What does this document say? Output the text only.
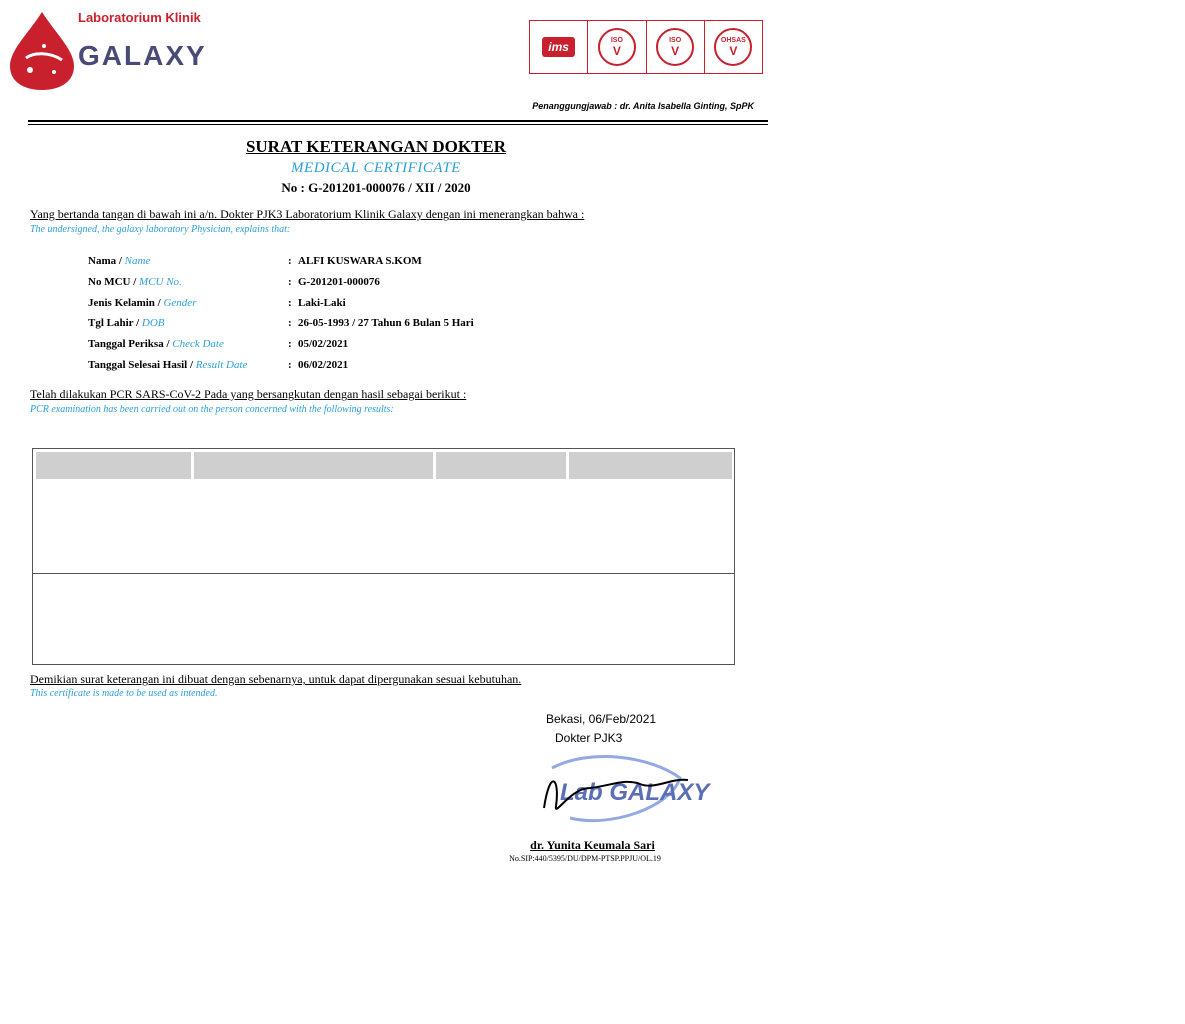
Laboratorium Klinik
GALAXY	ims	ISO
V
ISO
V
OHSAS
V
Penanggungjawab : dr. Anita Isabella Ginting, SpPK
SURAT KETERANGAN DOKTER
MEDICAL CERTIFICATE
No : G-201201-000076 / XII / 2020
Yang bertanda tangan di bawah ini a/n. Dokter PJK3 Laboratorium Klinik Galaxy dengan ini menerangkan bahwa :
The undersigned, the galaxy laboratory Physician, explains that:
Nama / Name	: ALFI KUSWARA S.KOM
No MCU / MCU No.	: G-201201-000076
Jenis Kelamin / Gender	: Laki-Laki
Tgl Lahir / DOB	: 26-05-1993 / 27 Tahun 6 Bulan 5 Hari
Tanggal Periksa / Check Date	: 05/02/2021
Tanggal Selesai Hasil / Result Date	: 06/02/2021
Telah dilakukan PCR SARS-CoV-2 Pada yang bersangkutan dengan hasil sebagai berikut :
PCR examination has been carried out on the person concerned with the following results:
Demikian surat keterangan ini dibuat dengan sebenarnya, untuk dapat dipergunakan sesuai kebutuhan.
This certificate is made to be used as intended.
Bekasi, 06/Feb/2021
Dokter PJK3
Lab GALAXY
dr. Yunita Keumala Sari
No.SIP:440/5395/DU/DPM-PTSP.PPJU/OL.19
